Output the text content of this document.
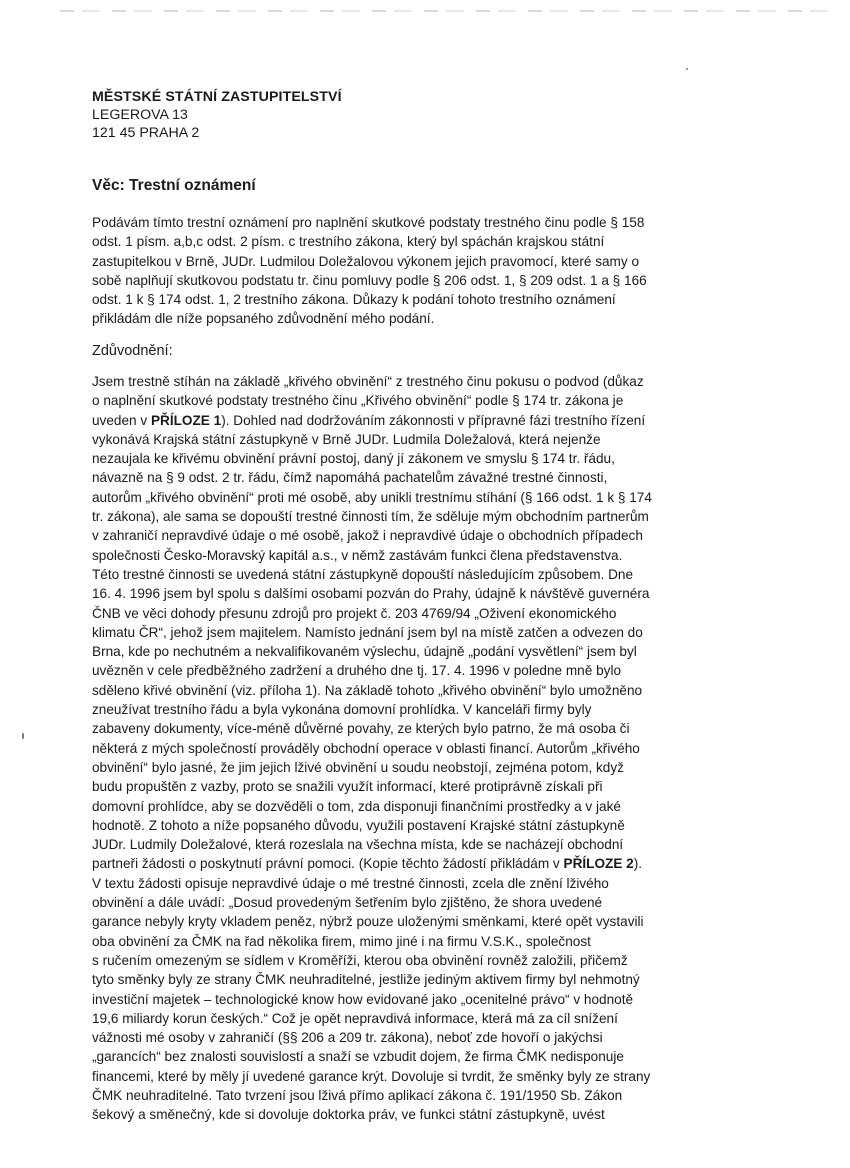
MĚSTSKÉ STÁTNÍ ZASTUPITELSTVÍ
LEGEROVA 13
121 45 PRAHA 2
Věc: Trestní oznámení
Podávám tímto trestní oznámení pro naplnění skutkové podstaty trestného činu podle § 158
odst. 1 písm. a,b,c odst. 2 písm. c trestního zákona, který byl spáchán krajskou státní
zastupitelkou v Brně, JUDr. Ludmilou Doležalovou výkonem jejich pravomocí, které samy o
sobě naplňují skutkovou podstatu tr. činu pomluvy podle § 206 odst. 1, § 209 odst. 1 a § 166
odst. 1 k § 174 odst. 1, 2 trestního zákona. Důkazy k podání tohoto trestního oznámení
přikládám dle níže popsaného zdůvodnění mého podání.
Zdůvodnění:
Jsem trestně stíhán na základě „křivého obvinění“ z trestného činu pokusu o podvod (důkaz
o naplnění skutkové podstaty trestného činu „Křivého obvinění“ podle § 174 tr. zákona je
uveden v PŘÍLOZE 1). Dohled nad dodržováním zákonnosti v přípravné fázi trestního řízení
vykonává Krajská státní zástupkyně v Brně JUDr. Ludmila Doležalová, která nejenže
nezaujala ke křivému obvinění právní postoj, daný jí zákonem ve smyslu § 174 tr. řádu,
návazně na § 9 odst. 2 tr. řádu, čímž napomáhá pachatelům závažné trestné činnosti,
autorům „křivého obvinění“ proti mé osobě, aby unikli trestnímu stíhání (§ 166 odst. 1 k § 174
tr. zákona), ale sama se dopouští trestné činnosti tím, že sděluje mým obchodním partnerům
v zahraničí nepravdivé údaje o mé osobě, jakož i nepravdivé údaje o obchodních případech
společnosti Česko-Moravský kapitál a.s., v němž zastávám funkci člena představenstva.
Této trestné činnosti se uvedená státní zástupkyně dopouští následujícím způsobem. Dne
16. 4. 1996 jsem byl spolu s dalšími osobami pozván do Prahy, údajně k návštěvě guvernéra
ČNB ve věci dohody přesunu zdrojů pro projekt č. 203 4769/94 „Oživení ekonomického
klimatu ČR“, jehož jsem majitelem. Namísto jednání jsem byl na místě zatčen a odvezen do
Brna, kde po nechutném a nekvalifikovaném výslechu, údajně „podání vysvětlení“ jsem byl
uvězněn v cele předběžného zadržení a druhého dne tj. 17. 4. 1996 v poledne mně bylo
sděleno křivé obvinění (viz. příloha 1). Na základě tohoto „křivého obvinění“ bylo umožněno
zneužívat trestního řádu a byla vykonána domovní prohlídka. V kanceláři firmy byly
zabaveny dokumenty, více-méně důvěrné povahy, ze kterých bylo patrno, že má osoba či
některá z mých společností prováděly obchodní operace v oblasti financí. Autorům „křivého
obvinění“ bylo jasné, že jim jejich lživé obvinění u soudu neobstojí, zejména potom, když
budu propuštěn z vazby, proto se snažili využít informací, které protiprávně získali při
domovní prohlídce, aby se dozvěděli o tom, zda disponuji finančními prostředky a v jaké
hodnotě. Z tohoto a níže popsaného důvodu, využili postavení Krajské státní zástupkyně
JUDr. Ludmily Doležalové, která rozeslala na všechna místa, kde se nacházejí obchodní
partneři žádosti o poskytnutí právní pomoci. (Kopie těchto žádostí přikládám v PŘÍLOZE 2).
V textu žádosti opisuje nepravdivé údaje o mé trestné činnosti, zcela dle znění lživého
obvinění a dále uvádí: „Dosud provedeným šetřením bylo zjištěno, že shora uvedené
garance nebyly kryty vkladem peněz, nýbrž pouze uloženými směnkami, které opět vystavili
oba obvinění za ČMK na řad několika firem, mimo jiné i na firmu V.S.K., společnost
s ručením omezeným se sídlem v Kroměříži, kterou oba obvinění rovněž založili, přičemž
tyto směnky byly ze strany ČMK neuhraditelné, jestliže jediným aktivem firmy byl nehmotný
investiční majetek – technologické know how evidované jako „ocenitelné právo“ v hodnotě
19,6 miliardy korun českých.“ Což je opět nepravdivá informace, která má za cíl snížení
vážnosti mé osoby v zahraničí (§§ 206 a 209 tr. zákona), neboť zde hovoří o jakýchsi
„garancích“ bez znalosti souvislostí a snaží se vzbudit dojem, že firma ČMK nedisponuje
financemi, které by měly jí uvedené garance krýt. Dovoluje si tvrdit, že směnky byly ze strany
ČMK neuhraditelné. Tato tvrzení jsou lživá přímo aplikací zákona č. 191/1950 Sb. Zákon
šekový a směnečný, kde si dovoluje doktorka práv, ve funkci státní zástupkyně, uvést
